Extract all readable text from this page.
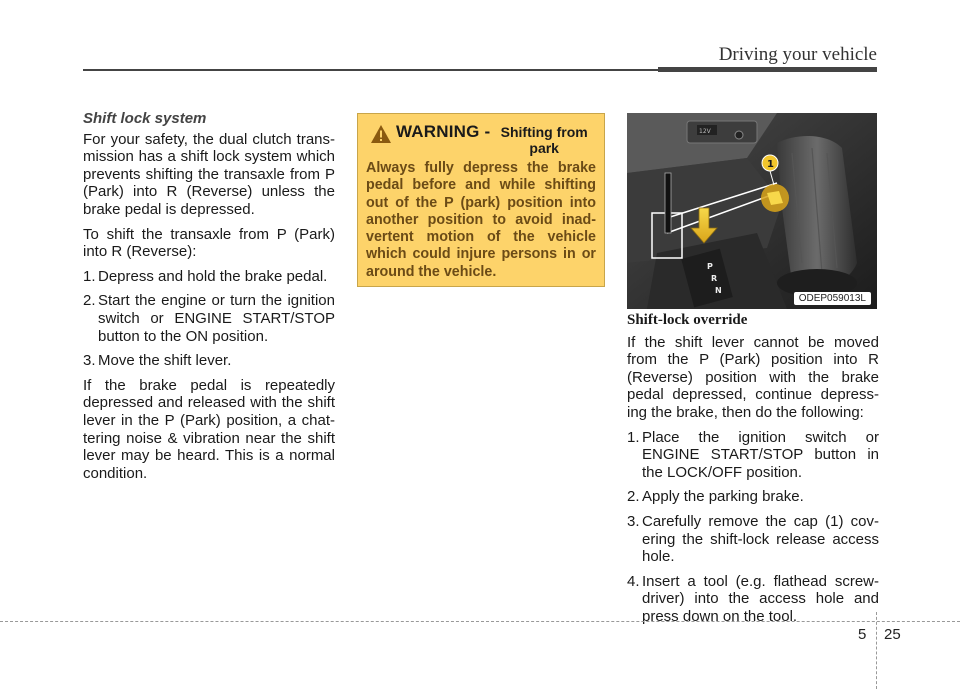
Driving your vehicle
Shift lock system

For your safety, the dual clutch trans-mission has a shift lock system which prevents shifting the transaxle from P (Park) into R (Reverse) unless the brake pedal is depressed.

To shift the transaxle from P (Park) into R (Reverse):

1. Depress and hold the brake pedal.
2. Start the engine or turn the ignition switch or ENGINE START/STOP button to the ON position.
3. Move the shift lever.

If the brake pedal is repeatedly depressed and released with the shift lever in the P (Park) position, a chat-tering noise & vibration near the shift lever may be heard. This is a normal condition.

WARNING - Shifting from park
Always fully depress the brake pedal before and while shifting out of the P (park) position into another position to avoid inad-vertent motion of the vehicle which could injure persons in or around the vehicle.
12V
P
R
N
1
ODEP059013L
Shift-lock override

If the shift lever cannot be moved from the P (Park) position into R (Reverse) position with the brake pedal depressed, continue depress-ing the brake, then do the following:

1. Place the ignition switch or ENGINE START/STOP button in the LOCK/OFF position.
2. Apply the parking brake.
3. Carefully remove the cap (1) cov-ering the shift-lock release access hole.
4. Insert a tool (e.g. flathead screw-driver) into the access hole and press down on the tool.
5 25
